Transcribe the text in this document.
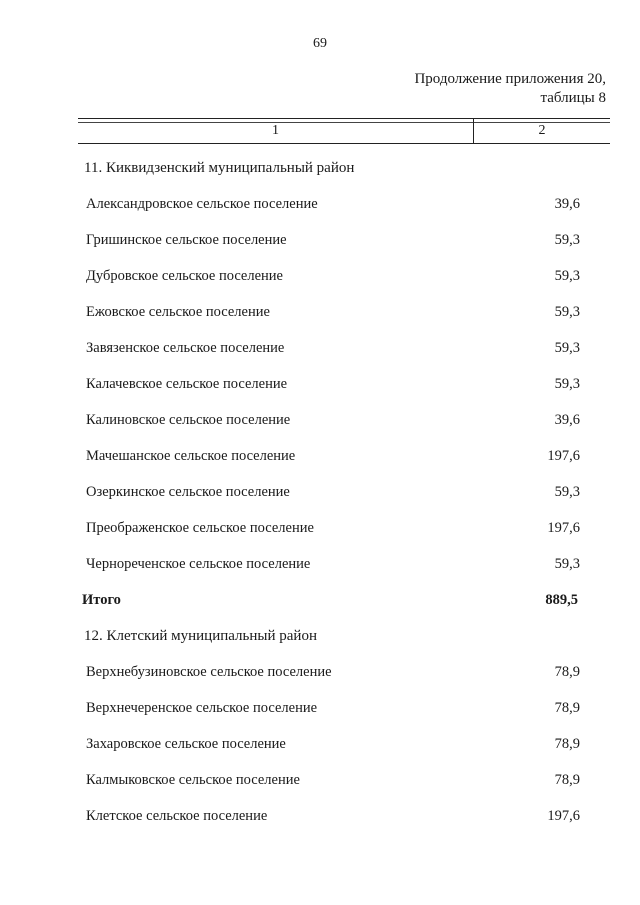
69
Продолжение приложения 20,
таблицы 8
1	2
11. Киквидзенский муниципальный район
Александровское сельское поселение	39,6
Гришинское сельское поселение	59,3
Дубровское сельское поселение	59,3
Ежовское сельское поселение	59,3
Завязенское сельское поселение	59,3
Калачевское сельское поселение	59,3
Калиновское сельское поселение	39,6
Мачешанское сельское поселение	197,6
Озеркинское сельское поселение	59,3
Преображенское сельское поселение	197,6
Чернореченское сельское поселение	59,3
Итого	889,5
12. Клетский муниципальный район
Верхнебузиновское сельское поселение	78,9
Верхнечеренское сельское поселение	78,9
Захаровское сельское поселение	78,9
Калмыковское сельское поселение	78,9
Клетское сельское поселение	197,6
